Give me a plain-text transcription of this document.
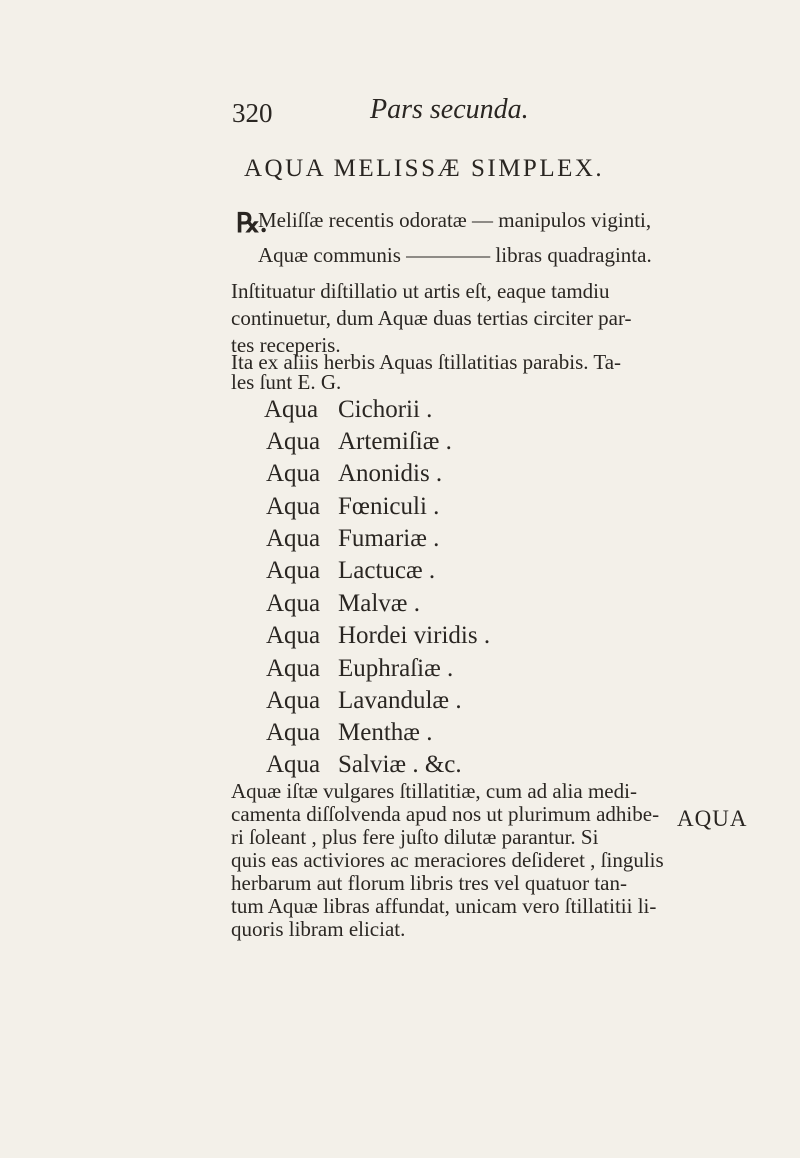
320	Pars secunda.
AQUA MELISSÆ SIMPLEX.
℞.
Meliſſæ recentis odoratæ — manipulos viginti,
Aquæ communis ———— libras quadraginta.
Inſtituatur diſtillatio ut artis eſt, eaque tamdiu
continuetur, dum Aquæ duas tertias circiter par-
tes receperis.
Ita ex aliis herbis Aquas ſtillatitias parabis. Ta-
les ſunt E. G.
Aqua Cichorii .
Aqua Artemiſiæ .
Aqua Anonidis .
Aqua Fœniculi .
Aqua Fumariæ .
Aqua Lactucæ .
Aqua Malvæ .
Aqua Hordei viridis .
Aqua Euphraſiæ .
Aqua Lavandulæ .
Aqua Menthæ .
Aqua Salviæ . &c.
Aquæ iſtæ vulgares ſtillatitiæ, cum ad alia medi-
camenta diſſolvenda apud nos ut plurimum adhibe-
ri ſoleant , plus fere juſto dilutæ parantur. Si
quis eas activiores ac meraciores deſideret , ſingulis
herbarum aut florum libris tres vel quatuor tan-
tum Aquæ libras affundat, unicam vero ſtillatitii li-
quoris libram eliciat.
AQUA
